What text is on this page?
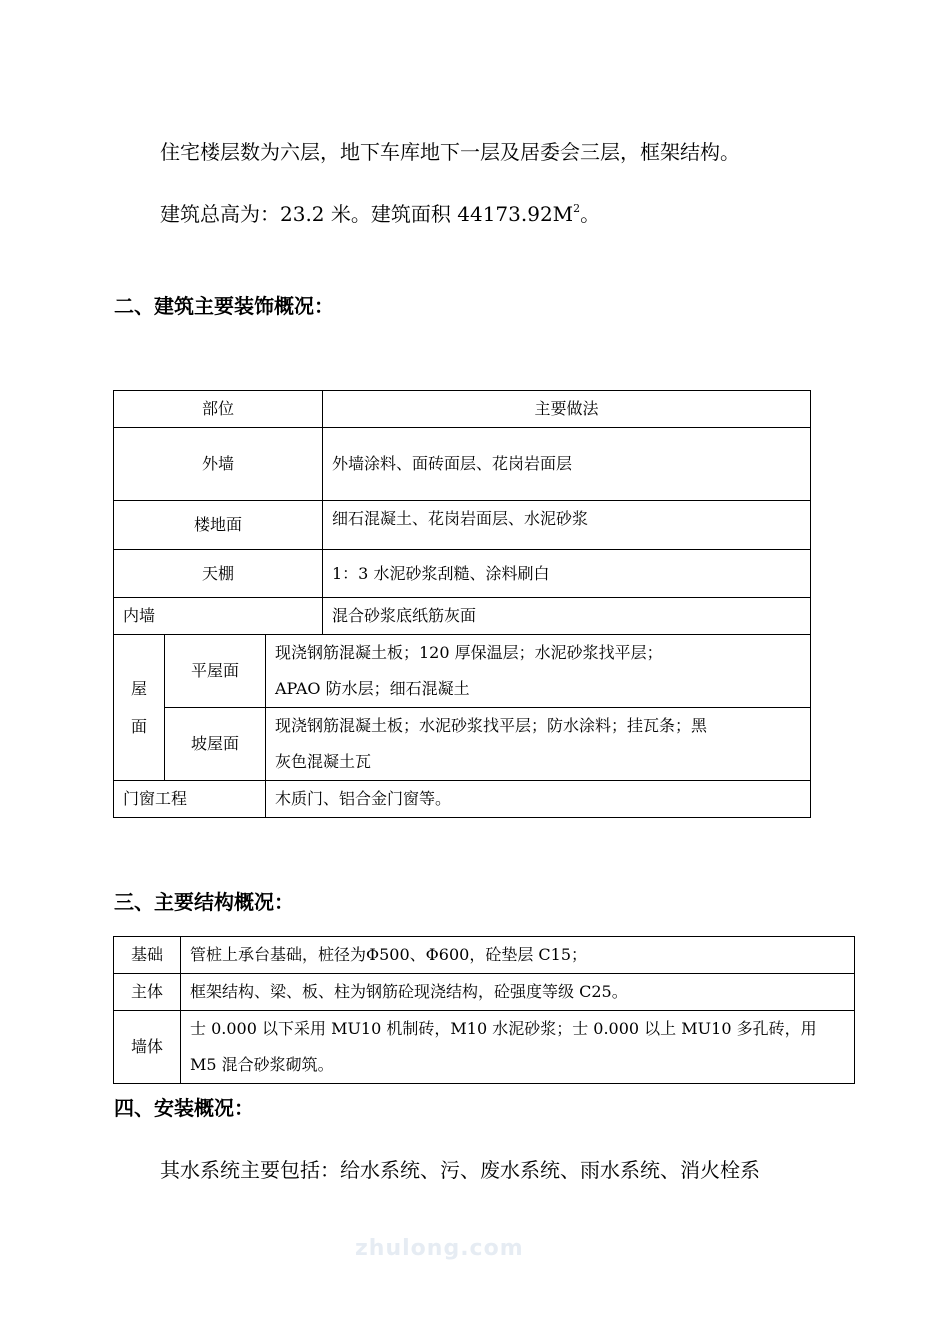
住宅楼层数为六层，地下车库地下一层及居委会三层，框架结构。
建筑总高为：23.2 米。建筑面积 $44173.92M^2$。
二、建筑主要装饰概况：
部位			主要做法
外墙			外墙涂料、面砖面层、花岗岩面层
楼地面			细石混凝土、花岗岩面层、水泥砂浆
天棚			1：3 水泥砂浆刮糙、涂料刷白
内墙			混合砂浆底纸筋灰面
屋
面	平屋面	现浇钢筋混凝土板；120 厚保温层；水泥砂浆找平层；
APAO 防水层；细石混凝土	
	坡屋面	现浇钢筋混凝土板；水泥砂浆找平层；防水涂料；挂瓦条；黑
灰色混凝土瓦	
门窗工程		木质门、铝合金门窗等。	
三、主要结构概况：
基础	管桩上承台基础，桩径为Φ500、Φ600，砼垫层 C15；
主体	框架结构、梁、板、柱为钢筋砼现浇结构，砼强度等级 C25。
墙体	士 0.000 以下采用 MU10 机制砖，M10 水泥砂浆；士 0.000 以上 MU10 多孔砖，用
M5 混合砂浆砌筑。
四、安装概况：
其水系统主要包括：给水系统、污、废水系统、雨水系统、消火栓系
zhulong.com
